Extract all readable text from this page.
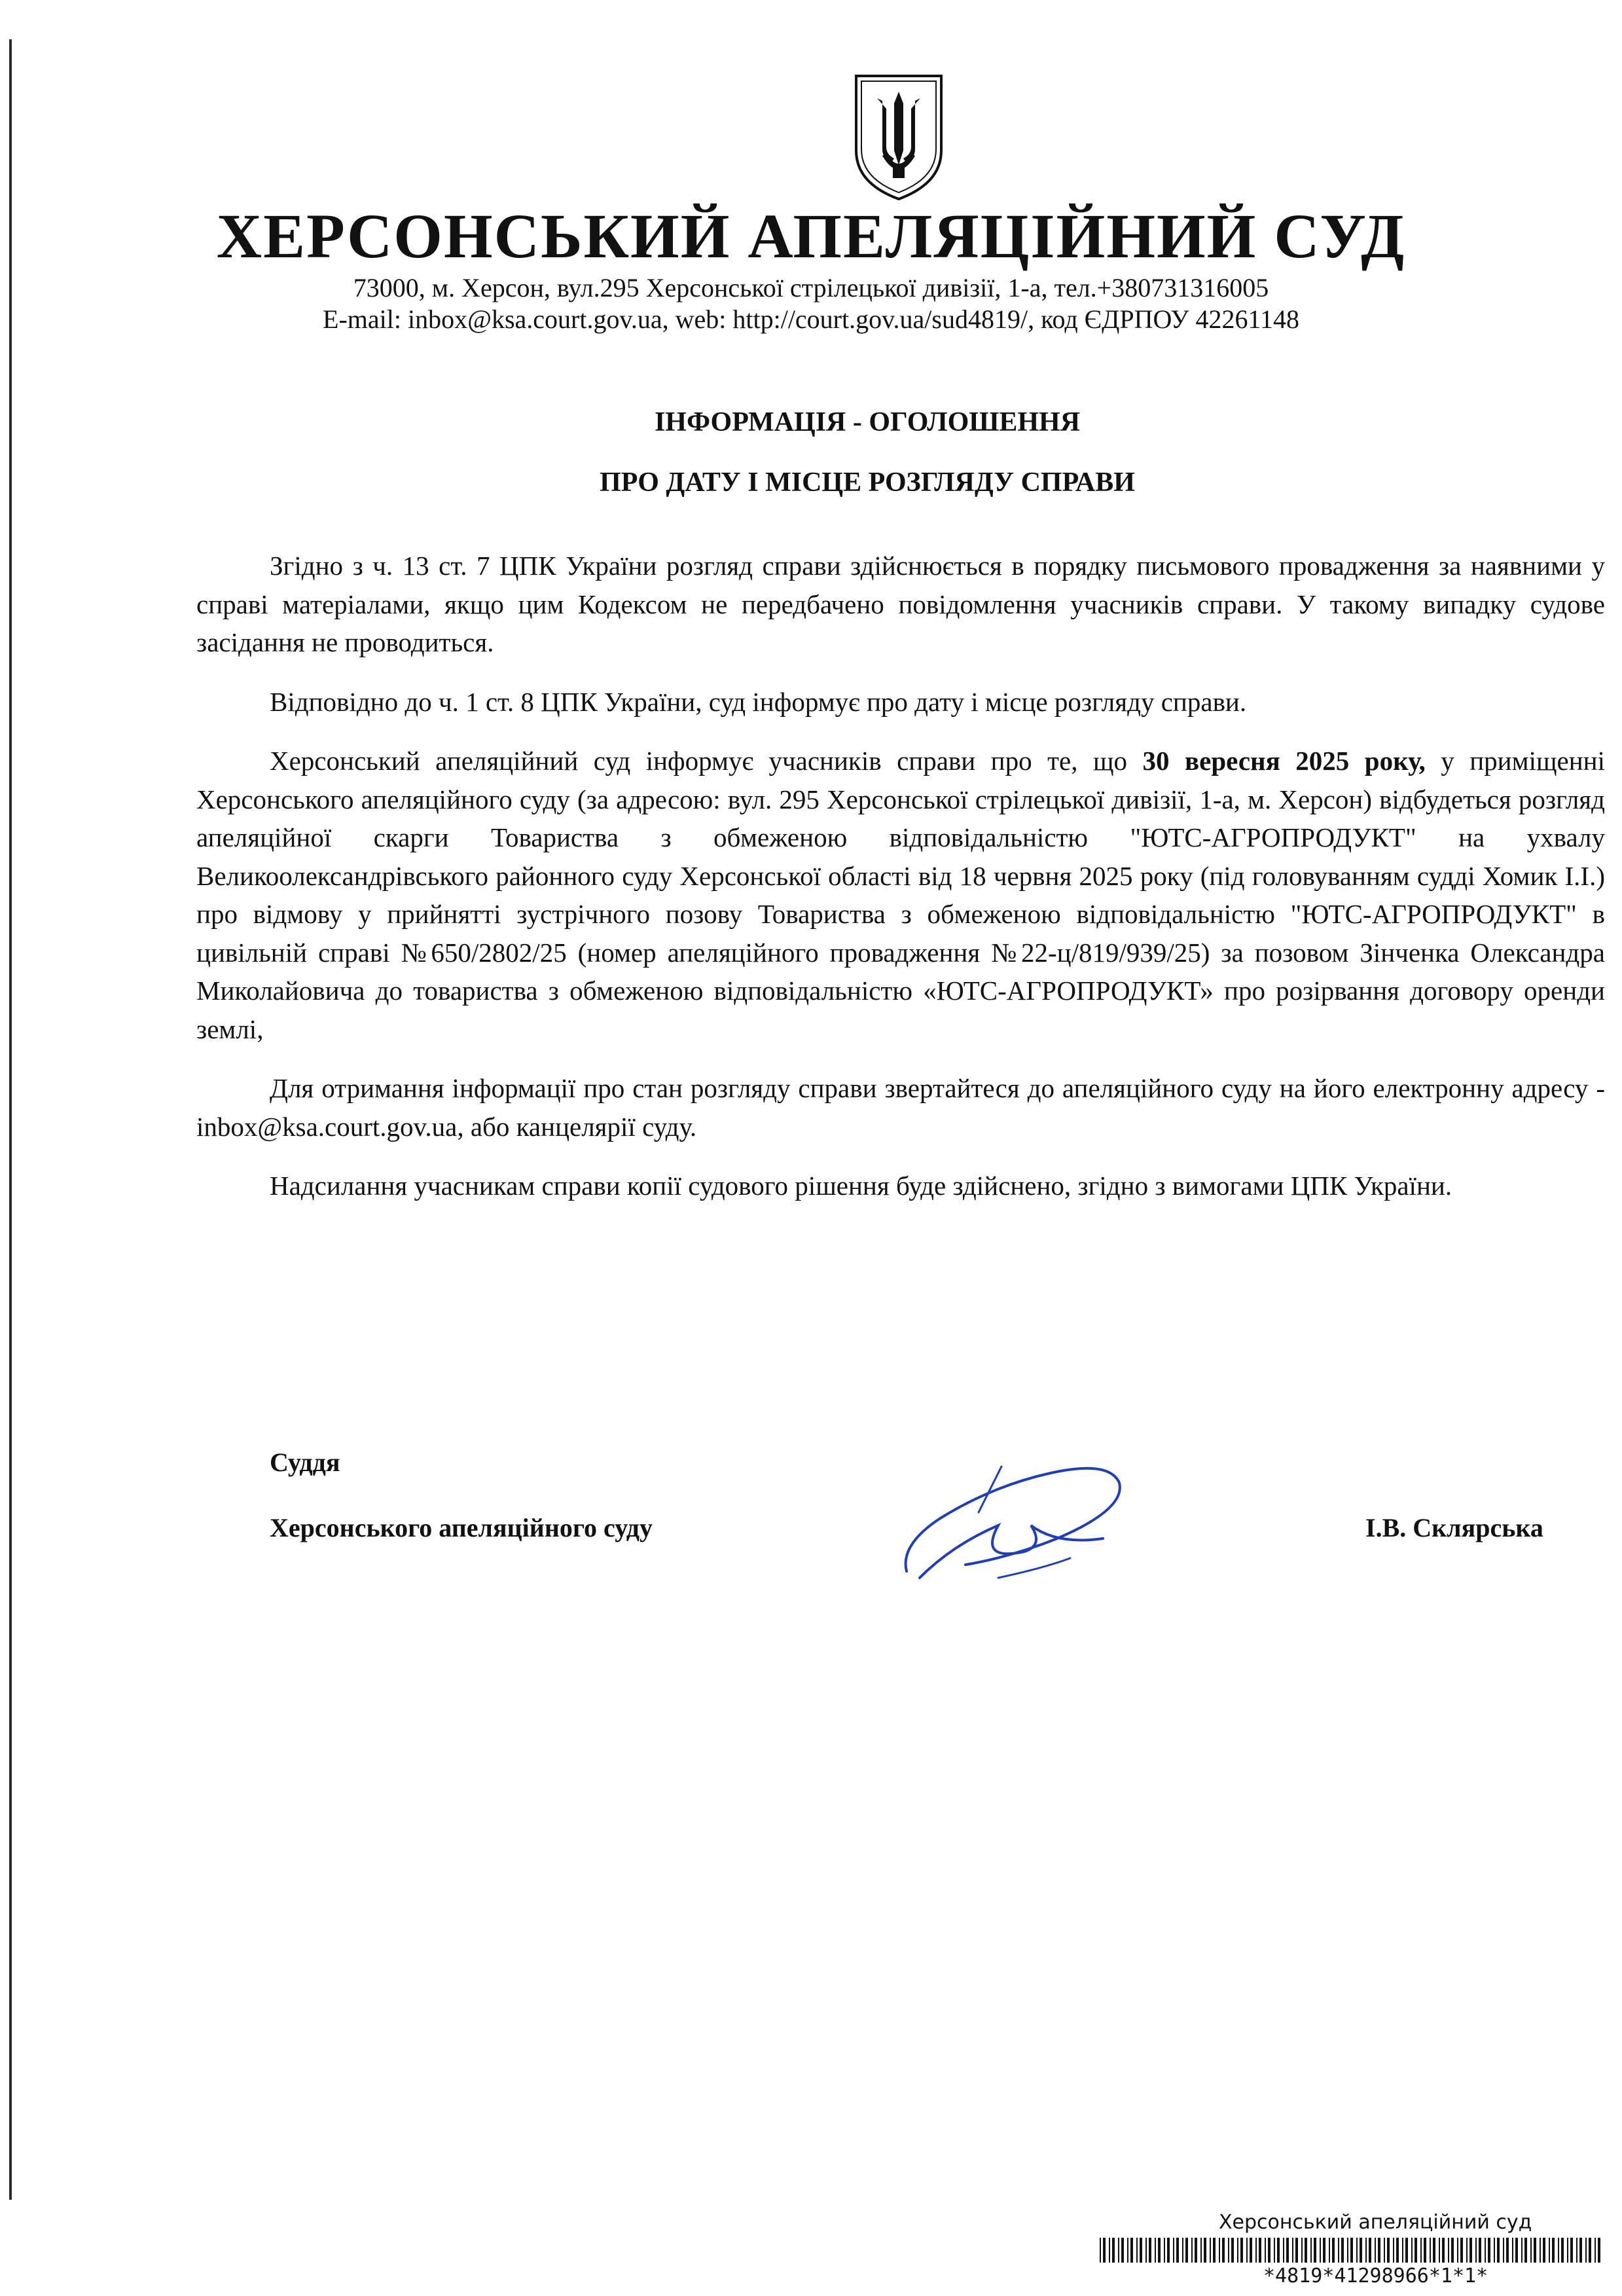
ХЕРСОНСЬКИЙ АПЕЛЯЦІЙНИЙ СУД
73000, м. Херсон, вул.295 Херсонської стрілецької дивізії, 1-а, тел.+380731316005
E-mail: inbox@ksa.court.gov.ua, web: http://court.gov.ua/sud4819/, код ЄДРПОУ 42261148
ІНФОРМАЦІЯ - ОГОЛОШЕННЯ
ПРО ДАТУ І МІСЦЕ РОЗГЛЯДУ СПРАВИ

Згідно з ч. 13 ст. 7 ЦПК України розгляд справи здійснюється в порядку письмового провадження за наявними у справі матеріалами, якщо цим Кодексом не передбачено повідомлення учасників справи. У такому випадку судове засідання не проводиться.

Відповідно до ч. 1 ст. 8 ЦПК України, суд інформує про дату і місце розгляду справи.

Херсонський апеляційний суд інформує учасників справи про те, що 30 вересня 2025 року, у приміщенні Херсонського апеляційного суду (за адресою: вул. 295 Херсонської стрілецької дивізії, 1-а, м. Херсон) відбудеться розгляд апеляційної скарги Товариства з обмеженою відповідальністю "ЮТС-АГРОПРОДУКТ" на ухвалу Великоолександрівського районного суду Херсонської області від 18 червня 2025 року (під головуванням судді Хомик І.І.) про відмову у прийнятті зустрічного позову Товариства з обмеженою відповідальністю "ЮТС-АГРОПРОДУКТ" в цивільній справі №650/2802/25 (номер апеляційного провадження №22-ц/819/939/25) за позовом Зінченка Олександра Миколайовича до товариства з обмеженою відповідальністю «ЮТС-АГРОПРОДУКТ» про розірвання договору оренди землі,

Для отримання інформації про стан розгляду справи звертайтеся до апеляційного суду на його електронну адресу - inbox@ksa.court.gov.ua, або канцелярії суду.

Надсилання учасникам справи копії судового рішення буде здійснено, згідно з вимогами ЦПК України.

Суддя

Херсонського апеляційного суду	І.В. Склярська

Херсонський апеляційний суд
*4819*41298966*1*1*
